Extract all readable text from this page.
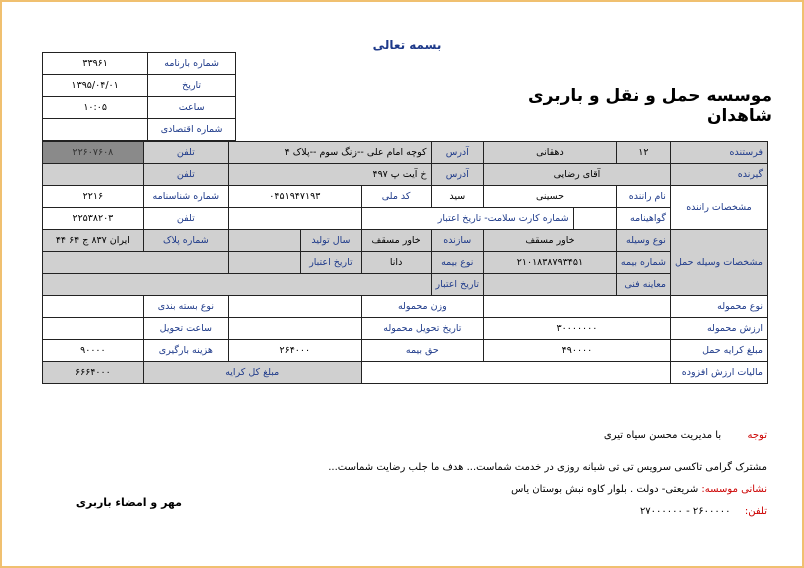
بسمه تعالی
موسسه حمل و نقل و باربری شاهدان
۳۳۹۶۱	شماره بارنامه
۱۳۹۵/۰۴/۰۱	تاریخ
۱۰:۰۵	ساعت
	شماره اقتصادی
۲۲۶۰۷۶۰۸	تلفن	کوچه امام علی --زنگ سوم --پلاک ۴			آدرس	دهقانی		۱۲	فرستنده
	تلفن	خ آیت پ ۴۹۷			آدرس	آقای رضایی			گیرنده
۲۲۱۶	شماره شناسنامه	۰۴۵۱۹۴۷۱۹۳		کد ملی	سید	حسینی		نام راننده	مشخصات راننده
۲۲۵۳۸۲۰۳	تلفن			شماره کارت سلامت- تاریخ اعتبار				گواهینامه	
ایران ۸۳۷ ج ۶۴ ۴۴	شماره پلاک		سال تولید	خاور مسقف	سازنده	خاور مسقف		نوع وسیله	مشخصات وسیله حمل
			تاریخ اعتبار	دانا	نوع بیمه	۲۱۰۱۸۳۸۷۹۳۴۵۱		شماره بیمه	
					تاریخ اعتبار			معاینه فنی	
	نوع بسته بندی			وزن محموله					نوع محموله
	ساعت تحویل			تاریخ تحویل محموله		۳۰۰۰۰۰۰۰			ارزش محموله
۹۰۰۰۰	هزینه بارگیری	۲۶۴۰۰۰		حق بیمه		۴۹۰۰۰۰			مبلغ کرایه حمل
۶۶۶۴۰۰۰	مبلغ کل کرایه								مالیات ارزش افزوده
توجه  با مدیریت محسن سیاه تیری
مشترک گرامی تاکسی سرویس تی تی شبانه روزی در خدمت شماست... هدف ما جلب رضایت شماست...
نشانی موسسه: شریعتی- دولت . بلوار کاوه نبش بوستان یاس
تلفن:  ۲۶۰۰۰۰۰ - ۲۷۰۰۰۰۰۰
مهر و امضاء باربری
